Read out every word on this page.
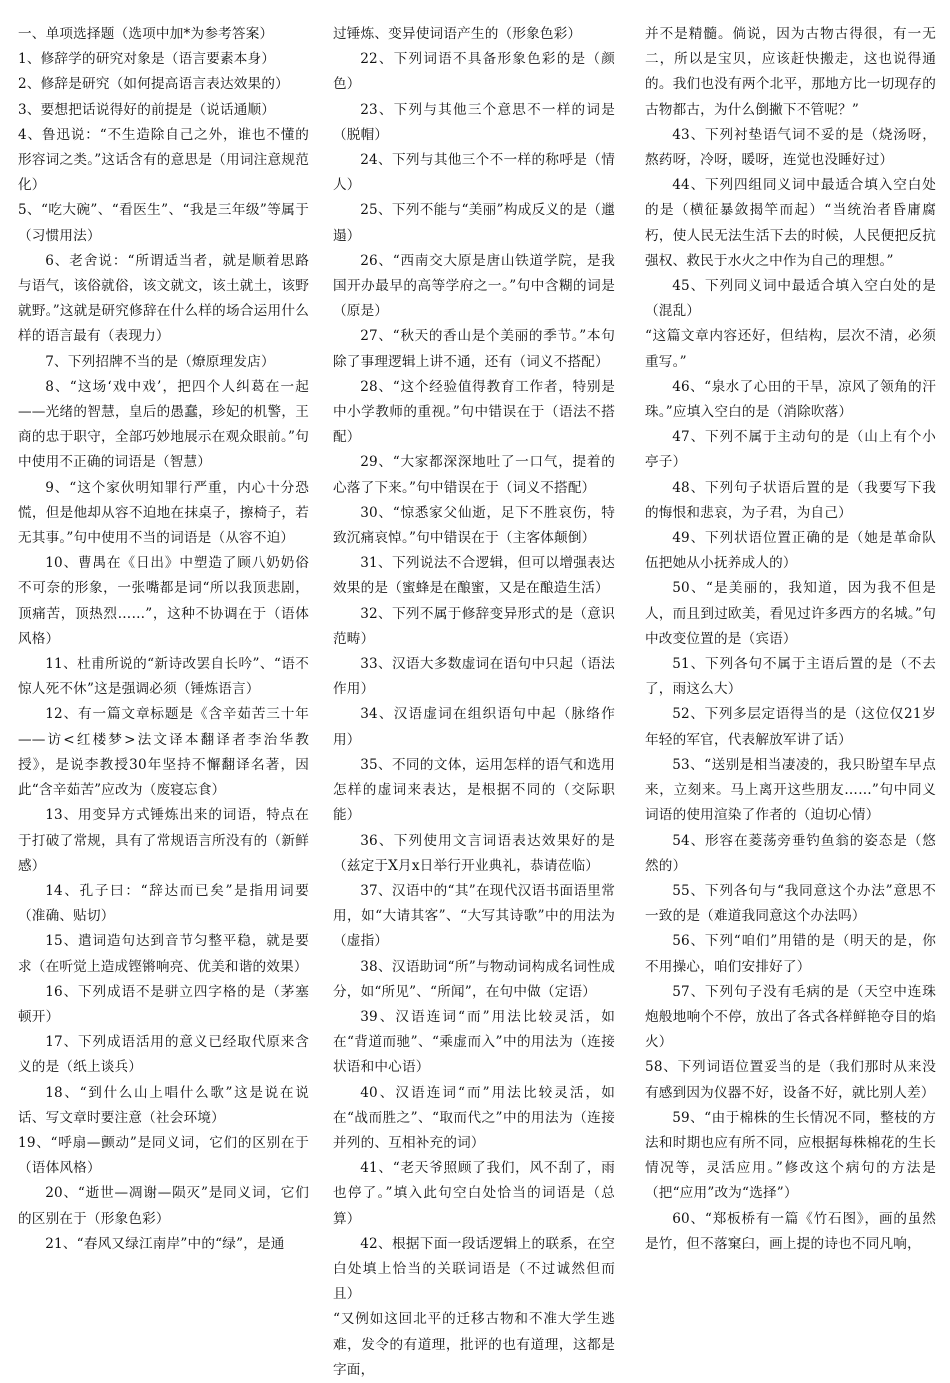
一、单项选择题（选项中加*为参考答案）

1、修辞学的研究对象是（语言要素本身）

2、修辞是研究（如何提高语言表达效果的）

3、要想把话说得好的前提是（说话通顺）

4、鲁迅说：“不生造除自己之外，谁也不懂的形容词之类。”这话含有的意思是（用词注意规范化）

5、“吃大碗”、“看医生”、“我是三年级”等属于（习惯用法）

6、老舍说：“所谓适当者，就是顺着思路与语气，该俗就俗，该文就文，该土就土，该野就野。”这就是研究修辞在什么样的场合运用什么样的语言最有（表现力）

7、下列招牌不当的是（燎原理发店）

8、“这场‘戏中戏’，把四个人纠葛在一起——光绪的智慧，皇后的愚蠢，珍妃的机警，王商的忠于职守，全部巧妙地展示在观众眼前。”句中使用不正确的词语是（智慧）

9、“这个家伙明知罪行严重，内心十分恐慌，但是他却从容不迫地在抹桌子，擦椅子，若无其事。”句中使用不当的词语是（从容不迫）

10、曹禺在《日出》中塑造了顾八奶奶俗不可奈的形象，一张嘴都是词“所以我顶悲剧，顶痛苦，顶热烈……”，这种不协调在于（语体风格）

11、杜甫所说的“新诗改罢自长吟”、“语不惊人死不休”这是强调必须（锤炼语言）

12、有一篇文章标题是《含辛茹苦三十年——访<红楼梦>法文译本翻译者李治华教授》，是说李教授30年坚持不懈翻译名著，因此“含辛茹苦”应改为（废寝忘食）

13、用变异方式锤炼出来的词语，特点在于打破了常规，具有了常规语言所没有的（新鲜感）

14、孔子曰：“辞达而已矣”是指用词要（准确、贴切）

15、遣词造句达到音节匀整平稳，就是要求（在听觉上造成铿锵响亮、优美和谐的效果）

16、下列成语不是骈立四字格的是（茅塞顿开）

17、下列成语活用的意义已经取代原来含义的是（纸上谈兵）

18、“到什么山上唱什么歌”这是说在说话、写文章时要注意（社会环境）

19、“呼扇—颤动”是同义词，它们的区别在于（语体风格）

20、“逝世—凋谢—陨灭”是同义词，它们的区别在于（形象色彩）

21、“春风又绿江南岸”中的“绿”，是通

过锤炼、变异使词语产生的（形象色彩）

22、下列词语不具备形象色彩的是（颜色）

23、下列与其他三个意思不一样的词是（脱帽）

24、下列与其他三个不一样的称呼是（情人）

25、下列不能与“美丽”构成反义的是（邋遢）

26、“西南交大原是唐山铁道学院，是我国开办最早的高等学府之一。”句中含糊的词是（原是）

27、“秋天的香山是个美丽的季节。”本句除了事理逻辑上讲不通，还有（词义不搭配）

28、“这个经验值得教育工作者，特别是中小学教师的重视。”句中错误在于（语法不搭配）

29、“大家都深深地吐了一口气，提着的心落了下来。”句中错误在于（词义不搭配）

30、“惊悉家父仙逝，足下不胜哀伤，特致沉痛哀悼。”句中错误在于（主客体颠倒）

31、下列说法不合逻辑，但可以增强表达效果的是（蜜蜂是在酿蜜，又是在酿造生活）

32、下列不属于修辞变异形式的是（意识范畴）

33、汉语大多数虚词在语句中只起（语法作用）

34、汉语虚词在组织语句中起（脉络作用）

35、不同的文体，运用怎样的语气和选用怎样的虚词来表达，是根据不同的（交际职能）

36、下列使用文言词语表达效果好的是（兹定于X月x日举行开业典礼，恭请莅临）

37、汉语中的“其”在现代汉语书面语里常用，如“大请其客”、“大写其诗歌”中的用法为（虚指）

38、汉语助词“所”与物动词构成名词性成分，如“所见”、“所闻”，在句中做（定语）

39、汉语连词“而”用法比较灵活，如在“背道而驰”、“乘虚而入”中的用法为（连接状语和中心语）

40、汉语连词“而”用法比较灵活，如在“战而胜之”、“取而代之”中的用法为（连接并列的、互相补充的词）

41、“老天爷照顾了我们，风不刮了，雨也停了。”填入此句空白处恰当的词语是（总算）

42、根据下面一段话逻辑上的联系，在空白处填上恰当的关联词语是（不过诚然但而且）

“又例如这回北平的迁移古物和不准大学生逃难，发令的有道理，批评的也有道理，这都是字面，

并不是精髓。倘说，因为古物古得很，有一无二，所以是宝贝，应该赶快搬走，这也说得通的。我们也没有两个北平，那地方比一切现存的古物都古，为什么倒撇下不管呢？”

43、下列衬垫语气词不妥的是（烧汤呀，熬药呀，冷呀，暖呀，连觉也没睡好过）

44、下列四组同义词中最适合填入空白处的是（横征暴敛揭竿而起）“当统治者昏庸腐朽，使人民无法生活下去的时候，人民便把反抗强权、救民于水火之中作为自己的理想。”

45、下列同义词中最适合填入空白处的是（混乱）

“这篇文章内容还好，但结构，层次不清，必须重写。”

46、“泉水了心田的干旱，凉风了领角的汗珠。”应填入空白的是（消除吹落）

47、下列不属于主动句的是（山上有个小亭子）

48、下列句子状语后置的是（我要写下我的悔恨和悲哀，为子君，为自己）

49、下列状语位置正确的是（她是革命队伍把她从小抚养成人的）

50、“是美丽的，我知道，因为我不但是人，而且到过欧美，看见过许多西方的名城。”句中改变位置的是（宾语）

51、下列各句不属于主语后置的是（不去了，雨这么大）

52、下列多层定语得当的是（这位仅21岁年轻的军官，代表解放军讲了话）

53、“送别是相当凄凌的，我只盼望车早点来，立刻来。马上离开这些朋友……”句中同义词语的使用渲染了作者的（迫切心情）

54、形容在菱荡旁垂钓鱼翁的姿态是（悠然的）

55、下列各句与“我同意这个办法”意思不一致的是（难道我同意这个办法吗）

56、下列“咱们”用错的是（明天的是，你不用操心，咱们安排好了）

57、下列句子没有毛病的是（天空中连珠炮般地响个不停，放出了各式各样鲜艳夺目的焰火）

58、下列词语位置妥当的是（我们那时从来没有感到因为仪器不好，设备不好，就比别人差）

59、“由于棉株的生长情况不同，整枝的方法和时期也应有所不同，应根据每株棉花的生长情况等，灵活应用。”修改这个病句的方法是（把“应用”改为“选择”）

60、“郑板桥有一篇《竹石图》，画的虽然是竹，但不落窠臼，画上提的诗也不同凡响，
